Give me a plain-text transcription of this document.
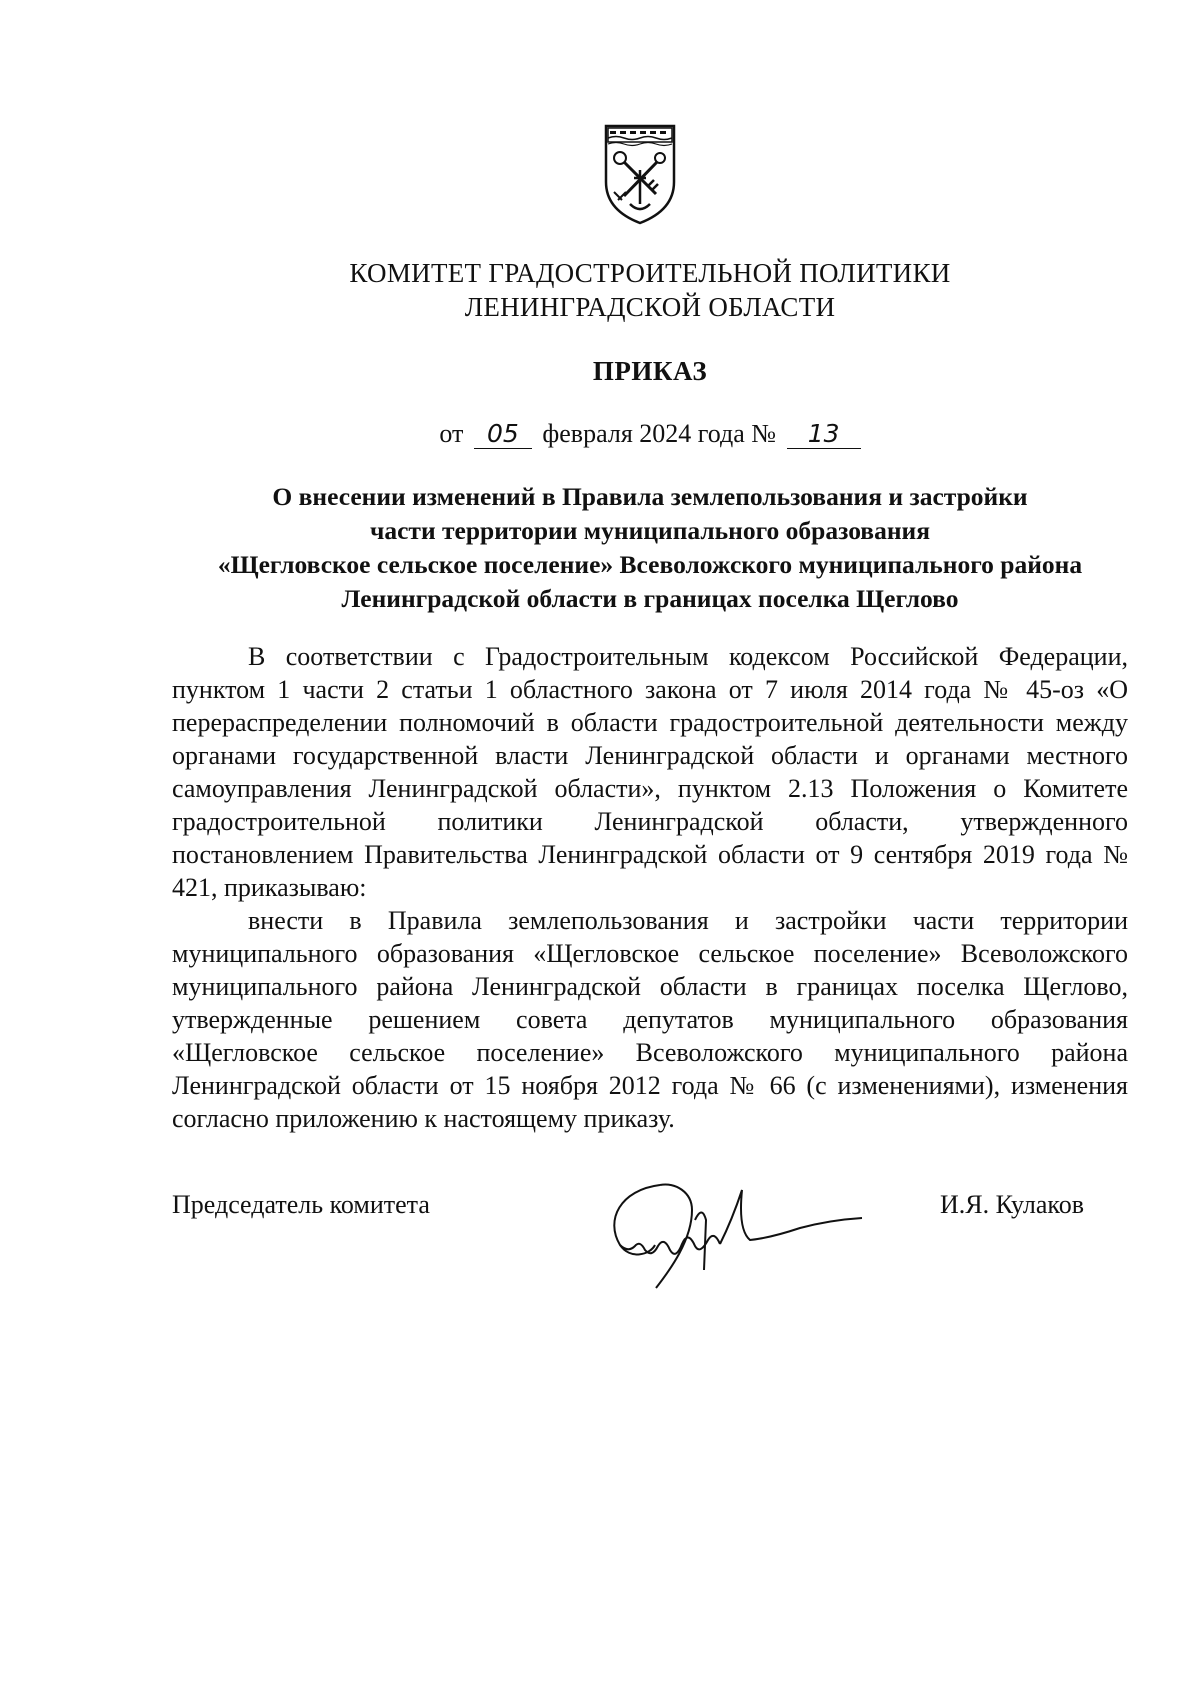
КОМИТЕТ ГРАДОСТРОИТЕЛЬНОЙ ПОЛИТИКИ
ЛЕНИНГРАДСКОЙ ОБЛАСТИ
ПРИКАЗ
от 05 февраля 2024 года № 13
О внесении изменений в Правила землепользования и застройки
части территории муниципального образования
«Щегловское сельское поселение» Всеволожского муниципального района
Ленинградской области в границах поселка Щеглово

В соответствии с Градостроительным кодексом Российской Федерации, пунктом 1 части 2 статьи 1 областного закона от 7 июля 2014 года № 45-оз «О перераспределении полномочий в области градостроительной деятельности между органами государственной власти Ленинградской области и органами местного самоуправления Ленинградской области», пунктом 2.13 Положения о Комитете градостроительной политики Ленинградской области, утвержденного постановлением Правительства Ленинградской области от 9 сентября 2019 года № 421, приказываю:

внести в Правила землепользования и застройки части территории муниципального образования «Щегловское сельское поселение» Всеволожского муниципального района Ленинградской области в границах поселка Щеглово, утвержденные решением совета депутатов муниципального образования «Щегловское сельское поселение» Всеволожского муниципального района Ленинградской области от 15 ноября 2012 года № 66 (с изменениями), изменения согласно приложению к настоящему приказу.

Председатель комитета	И.Я. Кулаков
